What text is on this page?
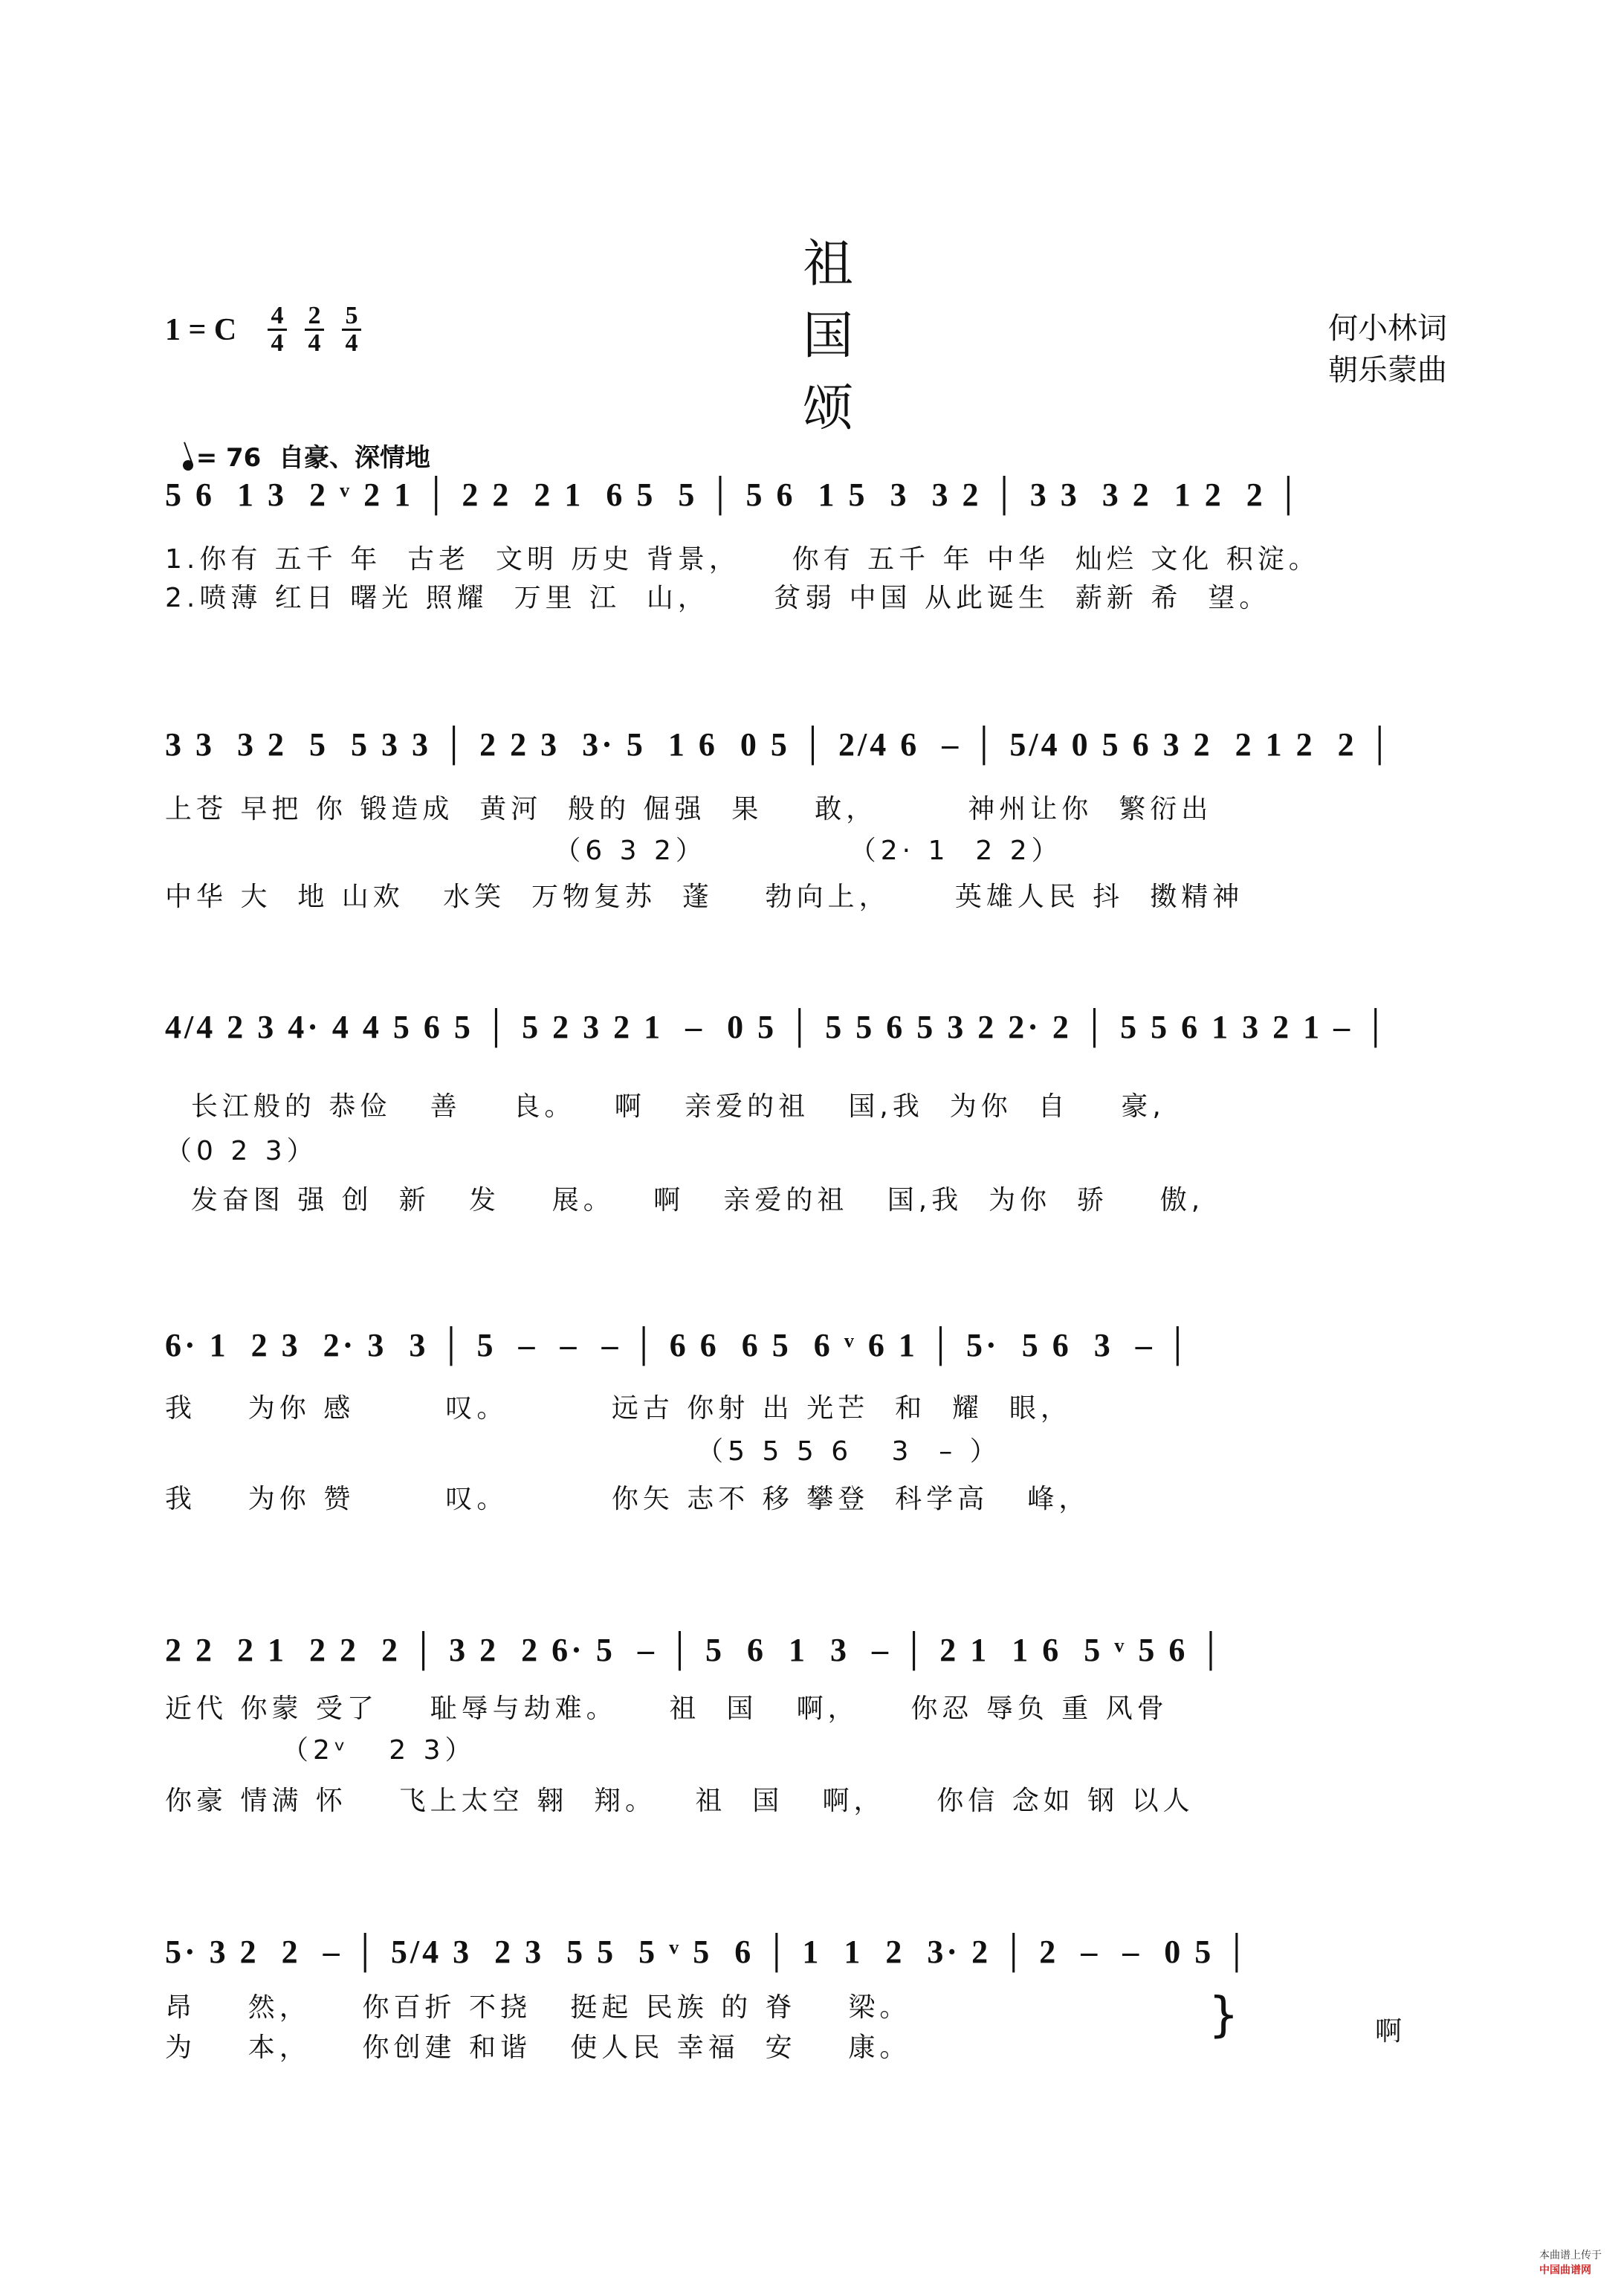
祖
国
颂

1 = C 4
4
2
4
5
4	何小林词
朝乐蒙曲

= 76  自豪、深情地

5 6  1 3  2 ᵛ 2 1 │ 2 2  2 1  6 5  5 │ 5 6  1 5  3  3 2 │ 3 3  3 2  1 2  2 │
1.你有 五千 年  古老  文明 历史 背景，    你有 五千 年 中华  灿烂 文化 积淀。
2.喷薄 红日 曙光 照耀  万里 江  山，     贫弱 中国 从此诞生  薪新 希  望。
3 3  3 2  5  5 3 3 │ 2 2 3  3· 5  1 6  0 5 │ 2/4 6  – │ 5/4 0 5 6 3 2  2 1 2  2 │
上苍 早把 你 锻造成  黄河  般的 倔强  果    敢，       神州让你  繁衍出
（6 3 2）           （2· 1  2 2）
中华 大  地 山欢   水笑  万物复苏  蓬    勃向上，     英雄人民 抖  擞精神
4/4 2 3 4· 4 4 5 6 5 │ 5 2 3 2 1  –  0 5 │ 5 5 6 5 3 2 2· 2 │ 5 5 6 1 3 2 1 – │
长江般的 恭俭   善    良。   啊   亲爱的祖   国,我  为你  自    豪,
（0 2 3）
发奋图 强 创  新   发    展。   啊   亲爱的祖   国,我  为你  骄    傲,
6· 1  2 3  2· 3  3 │ 5  –  –  – │ 6 6  6 5  6 ᵛ 6 1 │ 5·  5 6  3  – │
我    为你 感       叹。        远古 你射 出 光芒  和  耀  眼，
（5 5 5 6   3  – ）
我    为你 赞       叹。        你矢 志不 移 攀登  科学高   峰，
2 2  2 1  2 2  2 │ 3 2  2 6· 5  – │ 5  6  1  3  – │ 2 1  1 6  5 ᵛ 5 6 │
近代 你蒙 受了    耻辱与劫难。    祖  国   啊，    你忍 辱负 重 风骨
（2ᵛ   2 3）
你豪 情满 怀    飞上太空 翱  翔。   祖  国   啊，    你信 念如 钢 以人
5· 3 2  2  – │ 5/4 3  2 3  5 5  5 ᵛ 5  6 │ 1  1  2  3· 2 │ 2  –  –  0 5 │
昂    然，    你百折 不挠   挺起 民族 的 脊    梁。
为    本，    你创建 和谐   使人民 幸福  安    康。
}	啊

本曲谱上传于
中国曲谱网
